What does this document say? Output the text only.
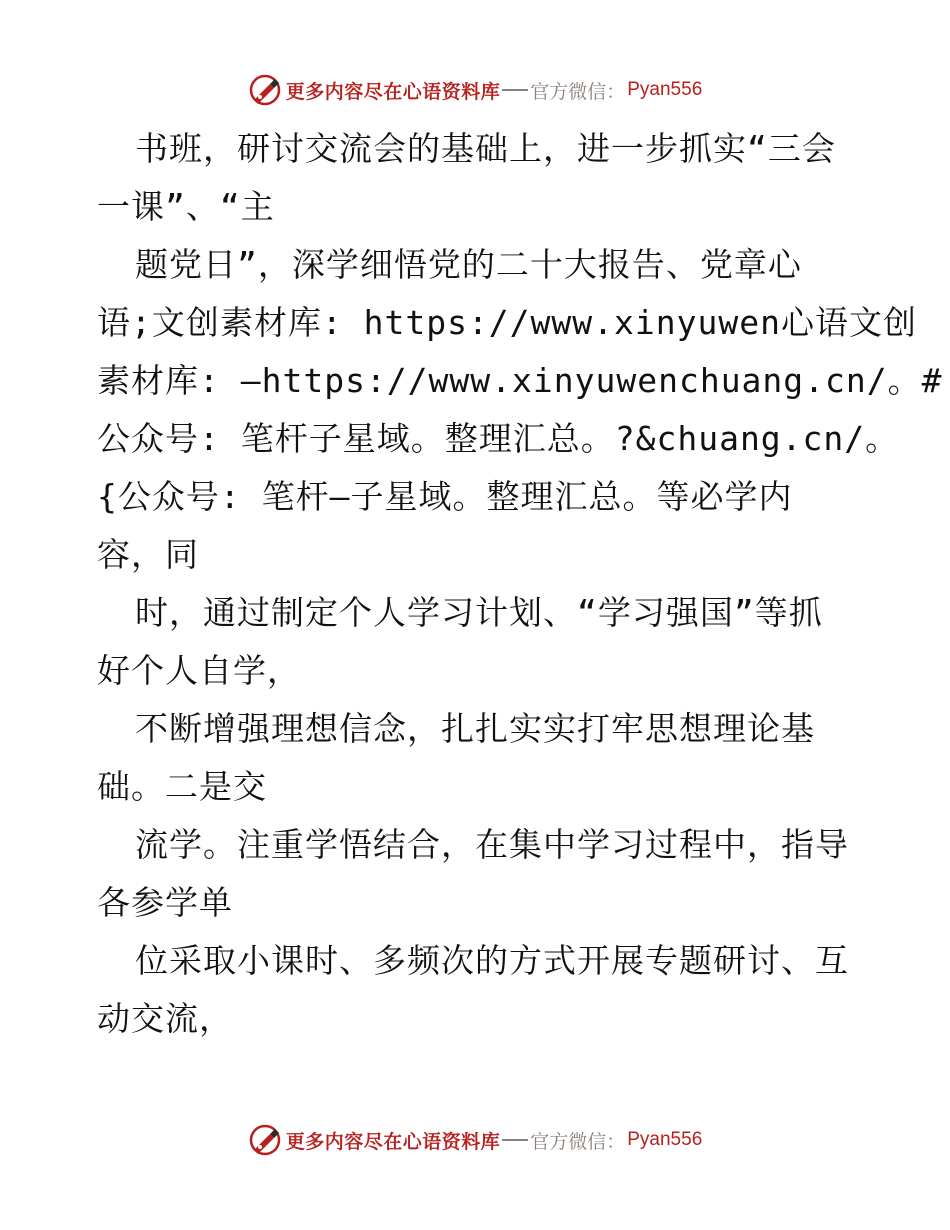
更多内容尽在心语资料库 官方微信： Pyan556
书班，研讨交流会的基础上，进一步抓实“三会
一课”、“主
题党日”，深学细悟党的二十大报告、党章心
语;文创素材库: https://www.xinyuwen心语文创
素材库: —https://www.xinyuwenchuang.cn/。#
公众号: 笔杆子星域。整理汇总。?&chuang.cn/。
{公众号: 笔杆—子星域。整理汇总。等必学内
容，同
时，通过制定个人学习计划、“学习强国”等抓
好个人自学，
不断增强理想信念，扎扎实实打牢思想理论基
础。二是交
流学。注重学悟结合，在集中学习过程中，指导
各参学单
位采取小课时、多频次的方式开展专题研讨、互
动交流，
更多内容尽在心语资料库 官方微信： Pyan556
